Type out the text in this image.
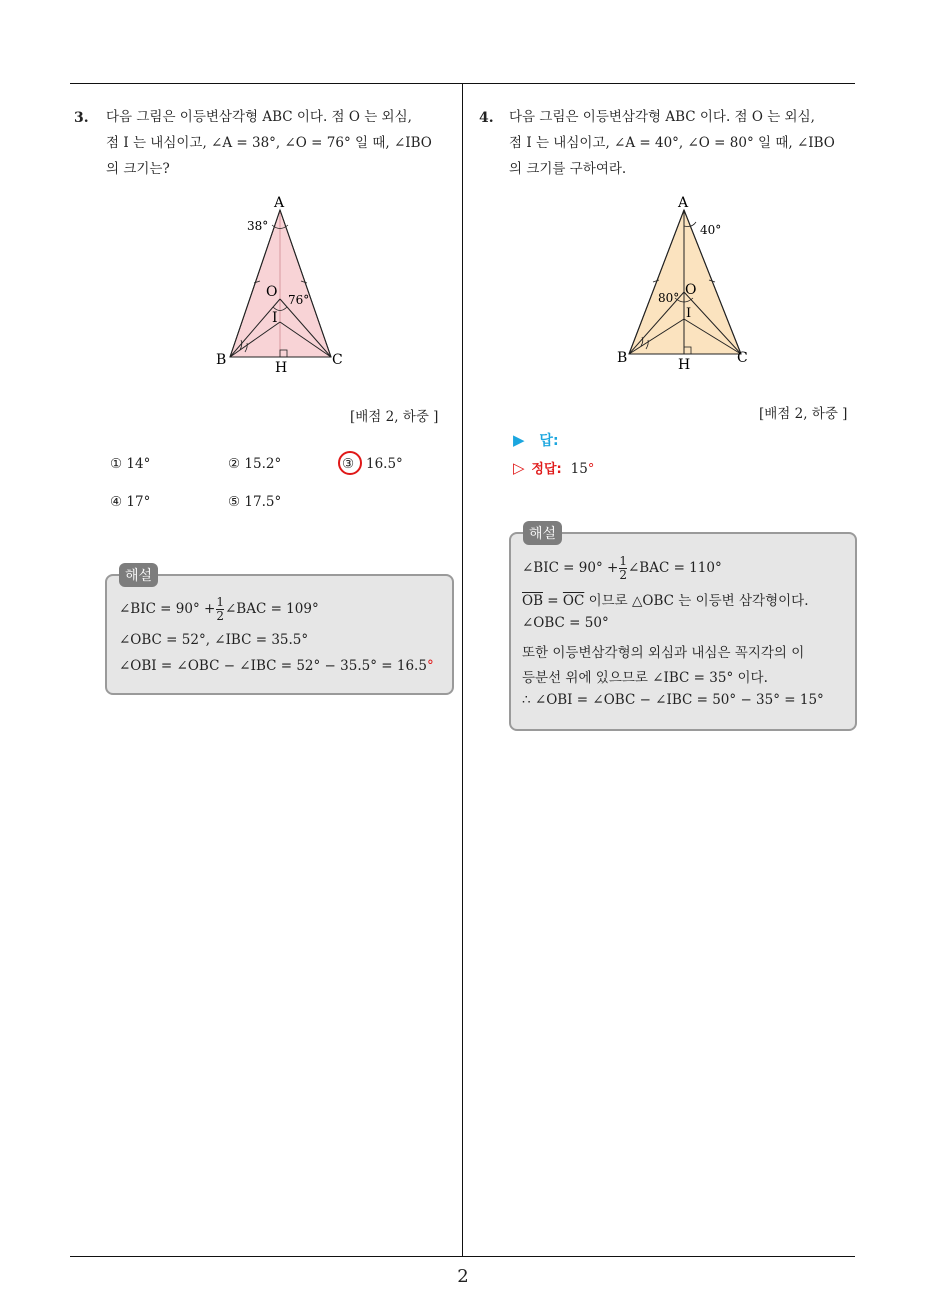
3. 다음 그림은 이등변삼각형 ABC 이다. 점 O 는 외심,

점 I 는 내심이고, ∠A = 38°, ∠O = 76° 일 때, ∠IBO

의 크기는?

A
38°
O 76°
I
B	C
H
[배점 2, 하중 ]
① 14°	② 15.2°	③ 16.5°
④ 17°	⑤ 17.5°
해설
∠BIC = $90^\circ + \frac{1}{2}$ ∠BAC = 109°
∠OBC = 52°, ∠IBC = 35.5°
∠OBI = ∠OBC − ∠IBC = 52° − 35.5° = 16.5°
4. 다음 그림은 이등변삼각형 ABC 이다. 점 O 는 외심,

점 I 는 내심이고, ∠A = 40°, ∠O = 80° 일 때, ∠IBO

의 크기를 구하여라.

A
40°
O
80°
I
B	C
H
[배점 2, 하중 ]
▶ 답:
▷ 정답: 15°
해설
∠BIC = $90^\circ + \frac{1}{2}$ ∠BAC = 110°
$\overline{OB} = \overline{OC}$ 이므로 △OBC 는 이등변 삼각형이다.
∠OBC = 50°
또한 이등변삼각형의 외심과 내심은 꼭지각의 이
등분선 위에 있으므로 ∠IBC = 35° 이다.
∴ ∠OBI = ∠OBC − ∠IBC = 50° − 35° = 15°
2
